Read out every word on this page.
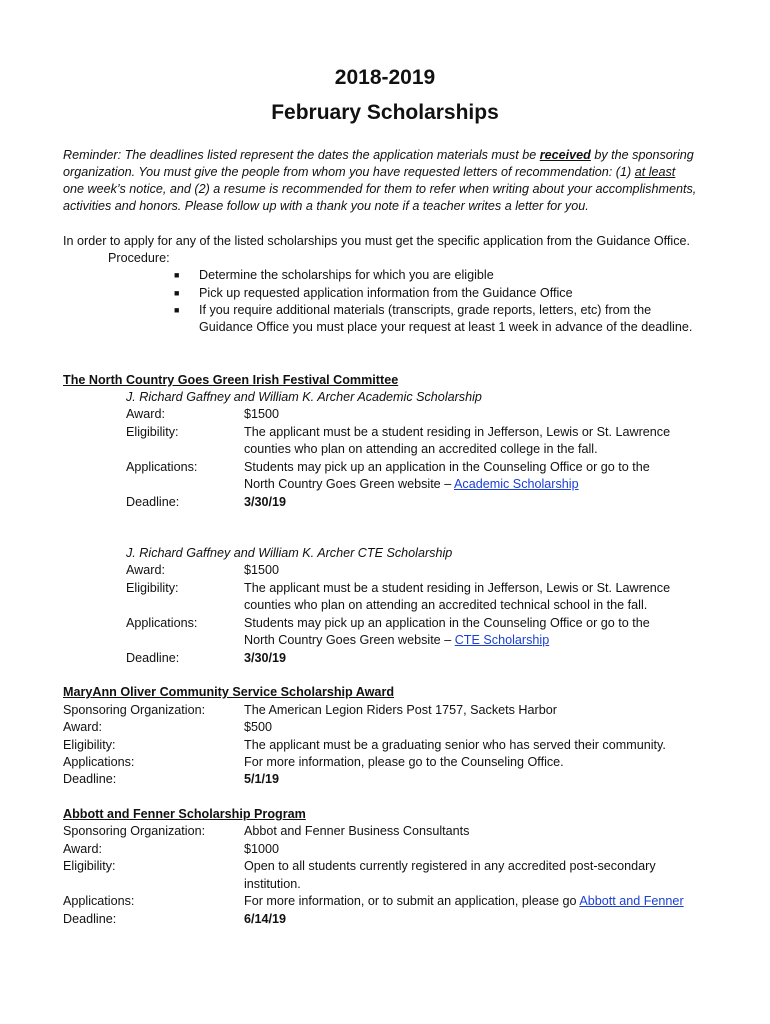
2018-2019
February Scholarships
Reminder: The deadlines listed represent the dates the application materials must be received by the sponsoring
organization. You must give the people from whom you have requested letters of recommendation: (1) at least
one week’s notice, and (2) a resume is recommended for them to refer when writing about your accomplishments,
activities and honors. Please follow up with a thank you note if a teacher writes a letter for you.
In order to apply for any of the listed scholarships you must get the specific application from the Guidance Office.
Procedure:
■ Determine the scholarships for which you are eligible
■ Pick up requested application information from the Guidance Office
■ If you require additional materials (transcripts, grade reports, letters, etc) from the
Guidance Office you must place your request at least 1 week in advance of the deadline.
The North Country Goes Green Irish Festival Committee
J. Richard Gaffney and William K. Archer Academic Scholarship
Award:	$1500
Eligibility:	The applicant must be a student residing in Jefferson, Lewis or St. Lawrence
counties who plan on attending an accredited college in the fall.
Applications:	Students may pick up an application in the Counseling Office or go to the
North Country Goes Green website – Academic Scholarship
Deadline:	3/30/19
J. Richard Gaffney and William K. Archer CTE Scholarship
Award:	$1500
Eligibility:	The applicant must be a student residing in Jefferson, Lewis or St. Lawrence
counties who plan on attending an accredited technical school in the fall.
Applications:	Students may pick up an application in the Counseling Office or go to the
North Country Goes Green website – CTE Scholarship
Deadline:	3/30/19
MaryAnn Oliver Community Service Scholarship Award
Sponsoring Organization:	The American Legion Riders Post 1757, Sackets Harbor
Award:	$500
Eligibility:	The applicant must be a graduating senior who has served their community.
Applications:	For more information, please go to the Counseling Office.
Deadline:	5/1/19
Abbott and Fenner Scholarship Program
Sponsoring Organization:	Abbot and Fenner Business Consultants
Award:	$1000
Eligibility:	Open to all students currently registered in any accredited post-secondary
institution.
Applications:	For more information, or to submit an application, please go Abbott and Fenner
Deadline:	6/14/19
